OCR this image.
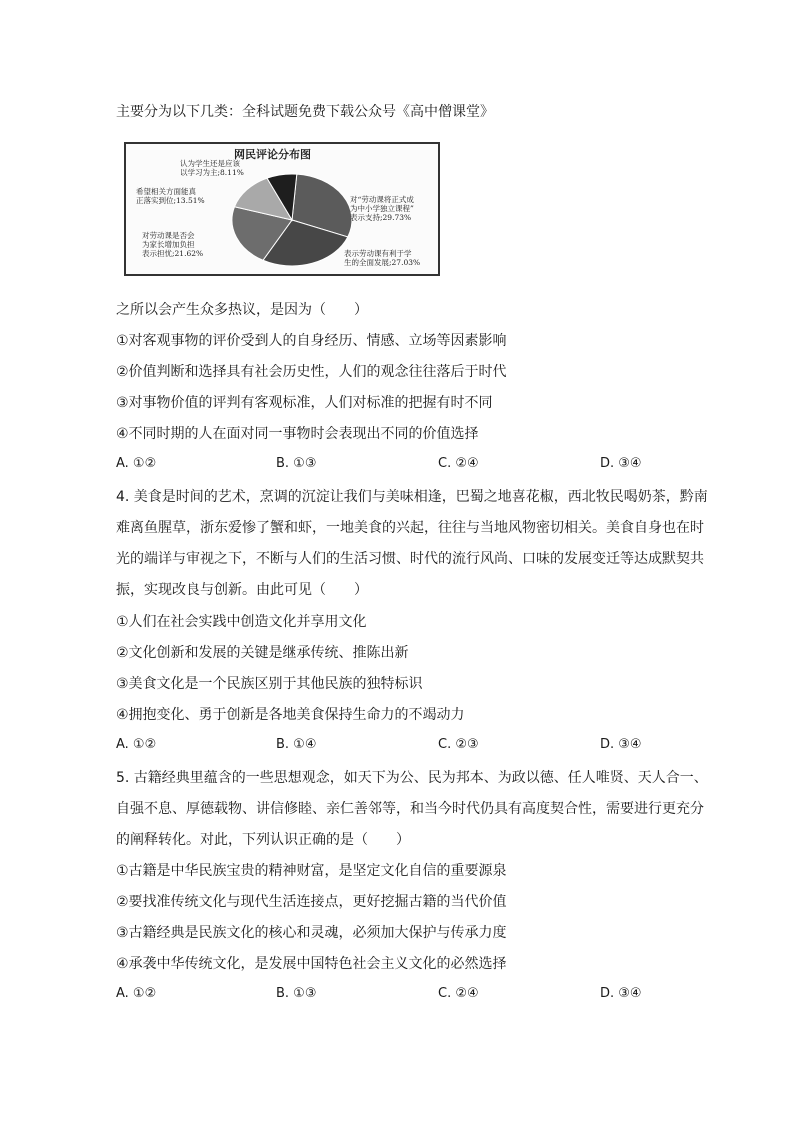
主要分为以下几类：全科试题免费下载公众号《高中僧课堂》
网民评论分布图
对“劳动课将正式成为中小学独立课程”表示支持;29.73%
表示劳动课有利于学生的全面发展;27.03%
对劳动课是否会为家长增加负担表示担忧;21.62%
希望相关方面能真正落实到位;13.51%
认为学生还是应该以学习为主;8.11%
之所以会产生众多热议，是因为（　　）
①对客观事物的评价受到人的自身经历、情感、立场等因素影响
②价值判断和选择具有社会历史性，人们的观念往往落后于时代
③对事物价值的评判有客观标准，人们对标准的把握有时不同
④不同时期的人在面对同一事物时会表现出不同的价值选择
A. ①②	B. ①③	C. ②④	D. ③④
4. 美食是时间的艺术，烹调的沉淀让我们与美味相逢，巴蜀之地喜花椒，西北牧民喝奶茶，黔南
难离鱼腥草，浙东爱惨了蟹和虾，一地美食的兴起，往往与当地风物密切相关。美食自身也在时
光的端详与审视之下，不断与人们的生活习惯、时代的流行风尚、口味的发展变迁等达成默契共
振，实现改良与创新。由此可见（　　）
①人们在社会实践中创造文化并享用文化
②文化创新和发展的关键是继承传统、推陈出新
③美食文化是一个民族区别于其他民族的独特标识
④拥抱变化、勇于创新是各地美食保持生命力的不竭动力
A. ①②	B. ①④	C. ②③	D. ③④
5. 古籍经典里蕴含的一些思想观念，如天下为公、民为邦本、为政以德、任人唯贤、天人合一、
自强不息、厚德载物、讲信修睦、亲仁善邻等，和当今时代仍具有高度契合性，需要进行更充分
的阐释转化。对此，下列认识正确的是（　　）
①古籍是中华民族宝贵的精神财富，是坚定文化自信的重要源泉
②要找准传统文化与现代生活连接点，更好挖掘古籍的当代价值
③古籍经典是民族文化的核心和灵魂，必须加大保护与传承力度
④承袭中华传统文化，是发展中国特色社会主义文化的必然选择
A. ①②	B. ①③	C. ②④	D. ③④
